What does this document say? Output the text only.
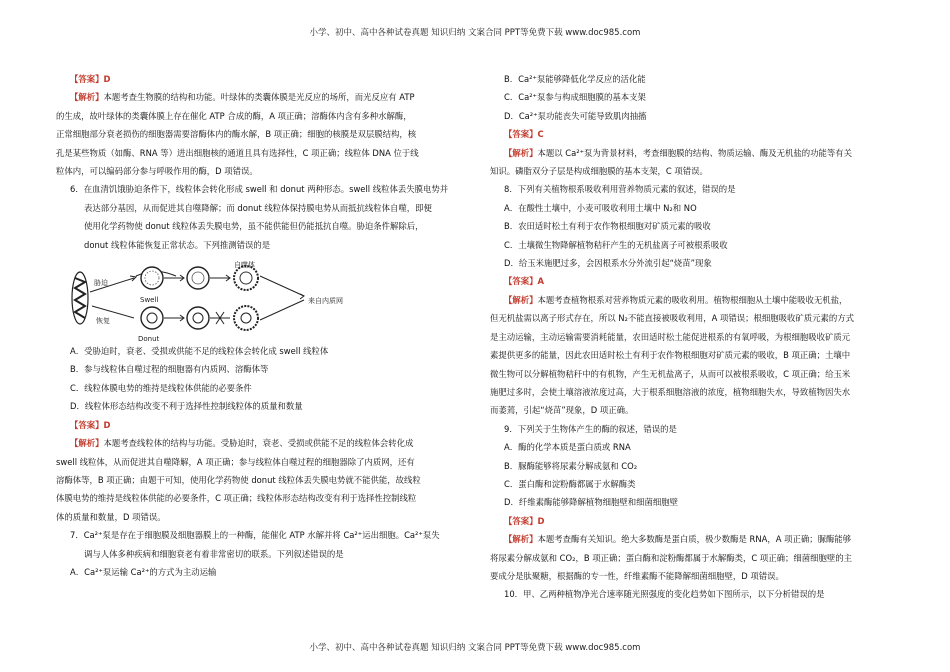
小学、初中、高中各种试卷真题 知识归纳 文案合同 PPT等免费下载 www.doc985.com

【答案】D

【解析】本题考查生物膜的结构和功能。叶绿体的类囊体膜是光反应的场所，而光反应有 ATP

的生成，故叶绿体的类囊体膜上存在催化 ATP 合成的酶，A 项正确；溶酶体内含有多种水解酶，

正常细胞部分衰老损伤的细胞器需要溶酶体内的酶水解，B 项正确；细胞的核膜是双层膜结构，核

孔是某些物质（如酶、RNA 等）进出细胞核的通道且具有选择性，C 项正确；线粒体 DNA 位于线

粒体内，可以编码部分参与呼吸作用的酶，D 项错误。

6．在血清饥饿胁迫条件下，线粒体会转化形成 swell 和 donut 两种形态。swell 线粒体丢失膜电势并

表达部分基因，从而促进其自噬降解；而 donut 线粒体保持膜电势从而抵抗线粒体自噬，即便

使用化学药物使 donut 线粒体丢失膜电势，虽不能供能但仍能抵抗自噬。胁迫条件解除后，

donut 线粒体能恢复正常状态。下列推测错误的是

胁迫
恢复
Swell
Donut
自噬体
来自内质网

A．受胁迫时，衰老、受损或供能不足的线粒体会转化成 swell 线粒体

B．参与线粒体自噬过程的细胞器有内质网、溶酶体等

C．线粒体膜电势的维持是线粒体供能的必要条件

D．线粒体形态结构改变不利于选择性控制线粒体的质量和数量

【答案】D

【解析】本题考查线粒体的结构与功能。受胁迫时，衰老、受损或供能不足的线粒体会转化成

swell 线粒体，从而促进其自噬降解，A 项正确；参与线粒体自噬过程的细胞器除了内质网，还有

溶酶体等，B 项正确；由题干可知，使用化学药物使 donut 线粒体丢失膜电势就不能供能，故线粒

体膜电势的维持是线粒体供能的必要条件，C 项正确；线粒体形态结构改变有利于选择性控制线粒

体的质量和数量，D 项错误。

7．Ca²⁺泵是存在于细胞膜及细胞器膜上的一种酶，能催化 ATP 水解并将 Ca²⁺运出细胞。Ca²⁺泵失

调与人体多种疾病和细胞衰老有着非常密切的联系。下列叙述错误的是

A．Ca²⁺泵运输 Ca²⁺的方式为主动运输

B．Ca²⁺泵能够降低化学反应的活化能

C．Ca²⁺泵参与构成细胞膜的基本支架

D．Ca²⁺泵功能丧失可能导致肌肉抽搐

【答案】C

【解析】本题以 Ca²⁺泵为背景材料，考查细胞膜的结构、物质运输、酶及无机盐的功能等有关

知识。磷脂双分子层是构成细胞膜的基本支架，C 项错误。

8．下列有关植物根系吸收利用营养物质元素的叙述，错误的是

A．在酸性土壤中，小麦可吸收利用土壤中 N₂和 NO

B．农田适时松土有利于农作物根细胞对矿质元素的吸收

C．土壤微生物降解植物秸秆产生的无机盐离子可被根系吸收

D．给玉米施肥过多，会因根系水分外流引起“烧苗”现象

【答案】A

【解析】本题考查植物根系对营养物质元素的吸收利用。植物根细胞从土壤中能吸收无机盐，

但无机盐需以离子形式存在，所以 N₂不能直接被吸收利用，A 项错误；根细胞吸收矿质元素的方式

是主动运输，主动运输需要消耗能量，农田适时松土能促进根系的有氧呼吸，为根细胞吸收矿质元

素提供更多的能量，因此农田适时松土有利于农作物根细胞对矿质元素的吸收，B 项正确；土壤中

微生物可以分解植物秸秆中的有机物，产生无机盐离子，从而可以被根系吸收，C 项正确；给玉米

施肥过多时，会使土壤溶液浓度过高，大于根系细胞溶液的浓度，植物细胞失水，导致植物因失水

而萎蔫，引起“烧苗”现象，D 项正确。

9．下列关于生物体产生的酶的叙述，错误的是

A．酶的化学本质是蛋白质或 RNA

B．脲酶能够将尿素分解成氨和 CO₂

C．蛋白酶和淀粉酶都属于水解酶类

D．纤维素酶能够降解植物细胞壁和细菌细胞壁

【答案】D

【解析】本题考查酶有关知识。绝大多数酶是蛋白质，极少数酶是 RNA，A 项正确；脲酶能够

将尿素分解成氨和 CO₂，B 项正确；蛋白酶和淀粉酶都属于水解酶类，C 项正确；细菌细胞壁的主

要成分是肽聚糖，根据酶的专一性，纤维素酶不能降解细菌细胞壁，D 项错误。

10．甲、乙两种植物净光合速率随光照强度的变化趋势如下图所示，以下分析错误的是

小学、初中、高中各种试卷真题 知识归纳 文案合同 PPT等免费下载 www.doc985.com
